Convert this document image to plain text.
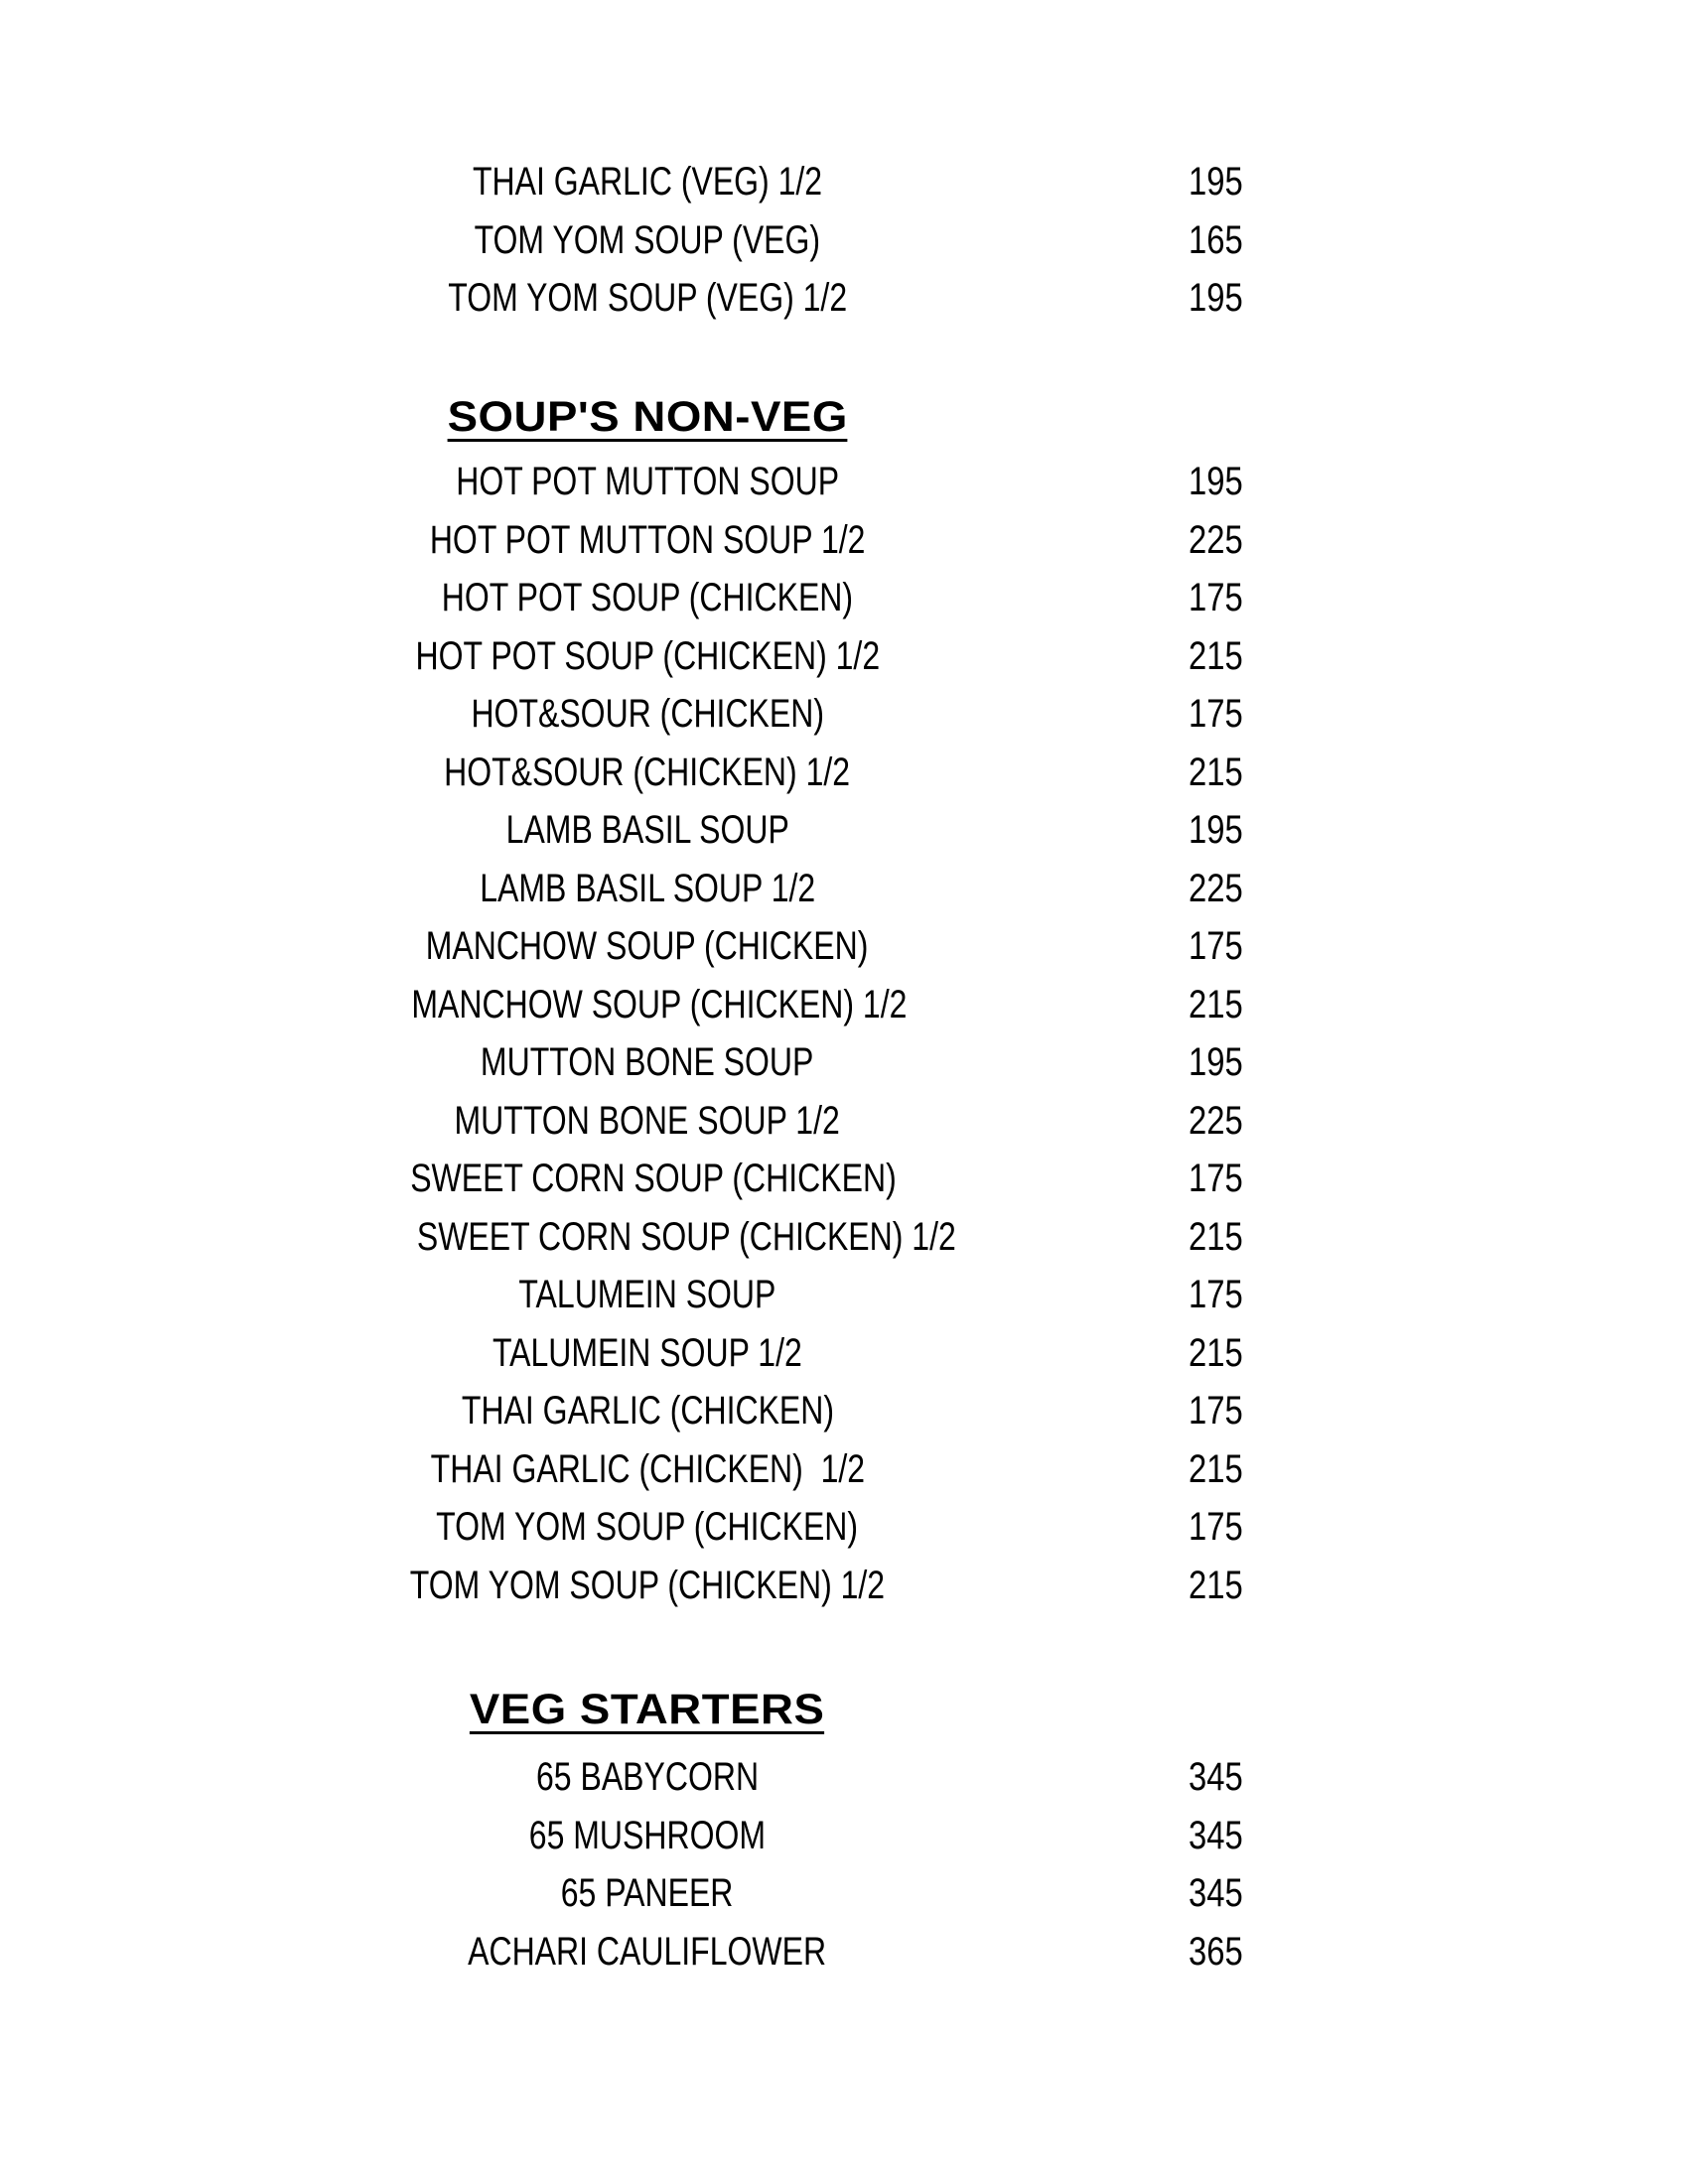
THAI GARLIC (VEG) 1/2	195
TOM YOM SOUP (VEG)	165
TOM YOM SOUP (VEG) 1/2	195
SOUP'S NON-VEG
HOT POT MUTTON SOUP	195
HOT POT MUTTON SOUP 1/2	225
HOT POT SOUP (CHICKEN)	175
HOT POT SOUP (CHICKEN) 1/2	215
HOT&SOUR (CHICKEN)	175
HOT&SOUR (CHICKEN) 1/2	215
LAMB BASIL SOUP	195
LAMB BASIL SOUP 1/2	225
MANCHOW SOUP (CHICKEN)	175
MANCHOW SOUP (CHICKEN) 1/2	215
MUTTON BONE SOUP	195
MUTTON BONE SOUP 1/2	225
SWEET CORN SOUP (CHICKEN)	175
SWEET CORN SOUP (CHICKEN) 1/2	215
TALUMEIN SOUP	175
TALUMEIN SOUP 1/2	215
THAI GARLIC (CHICKEN)	175
THAI GARLIC (CHICKEN)  1/2	215
TOM YOM SOUP (CHICKEN)	175
TOM YOM SOUP (CHICKEN) 1/2	215
VEG STARTERS
65 BABYCORN	345
65 MUSHROOM	345
65 PANEER	345
ACHARI CAULIFLOWER	365
